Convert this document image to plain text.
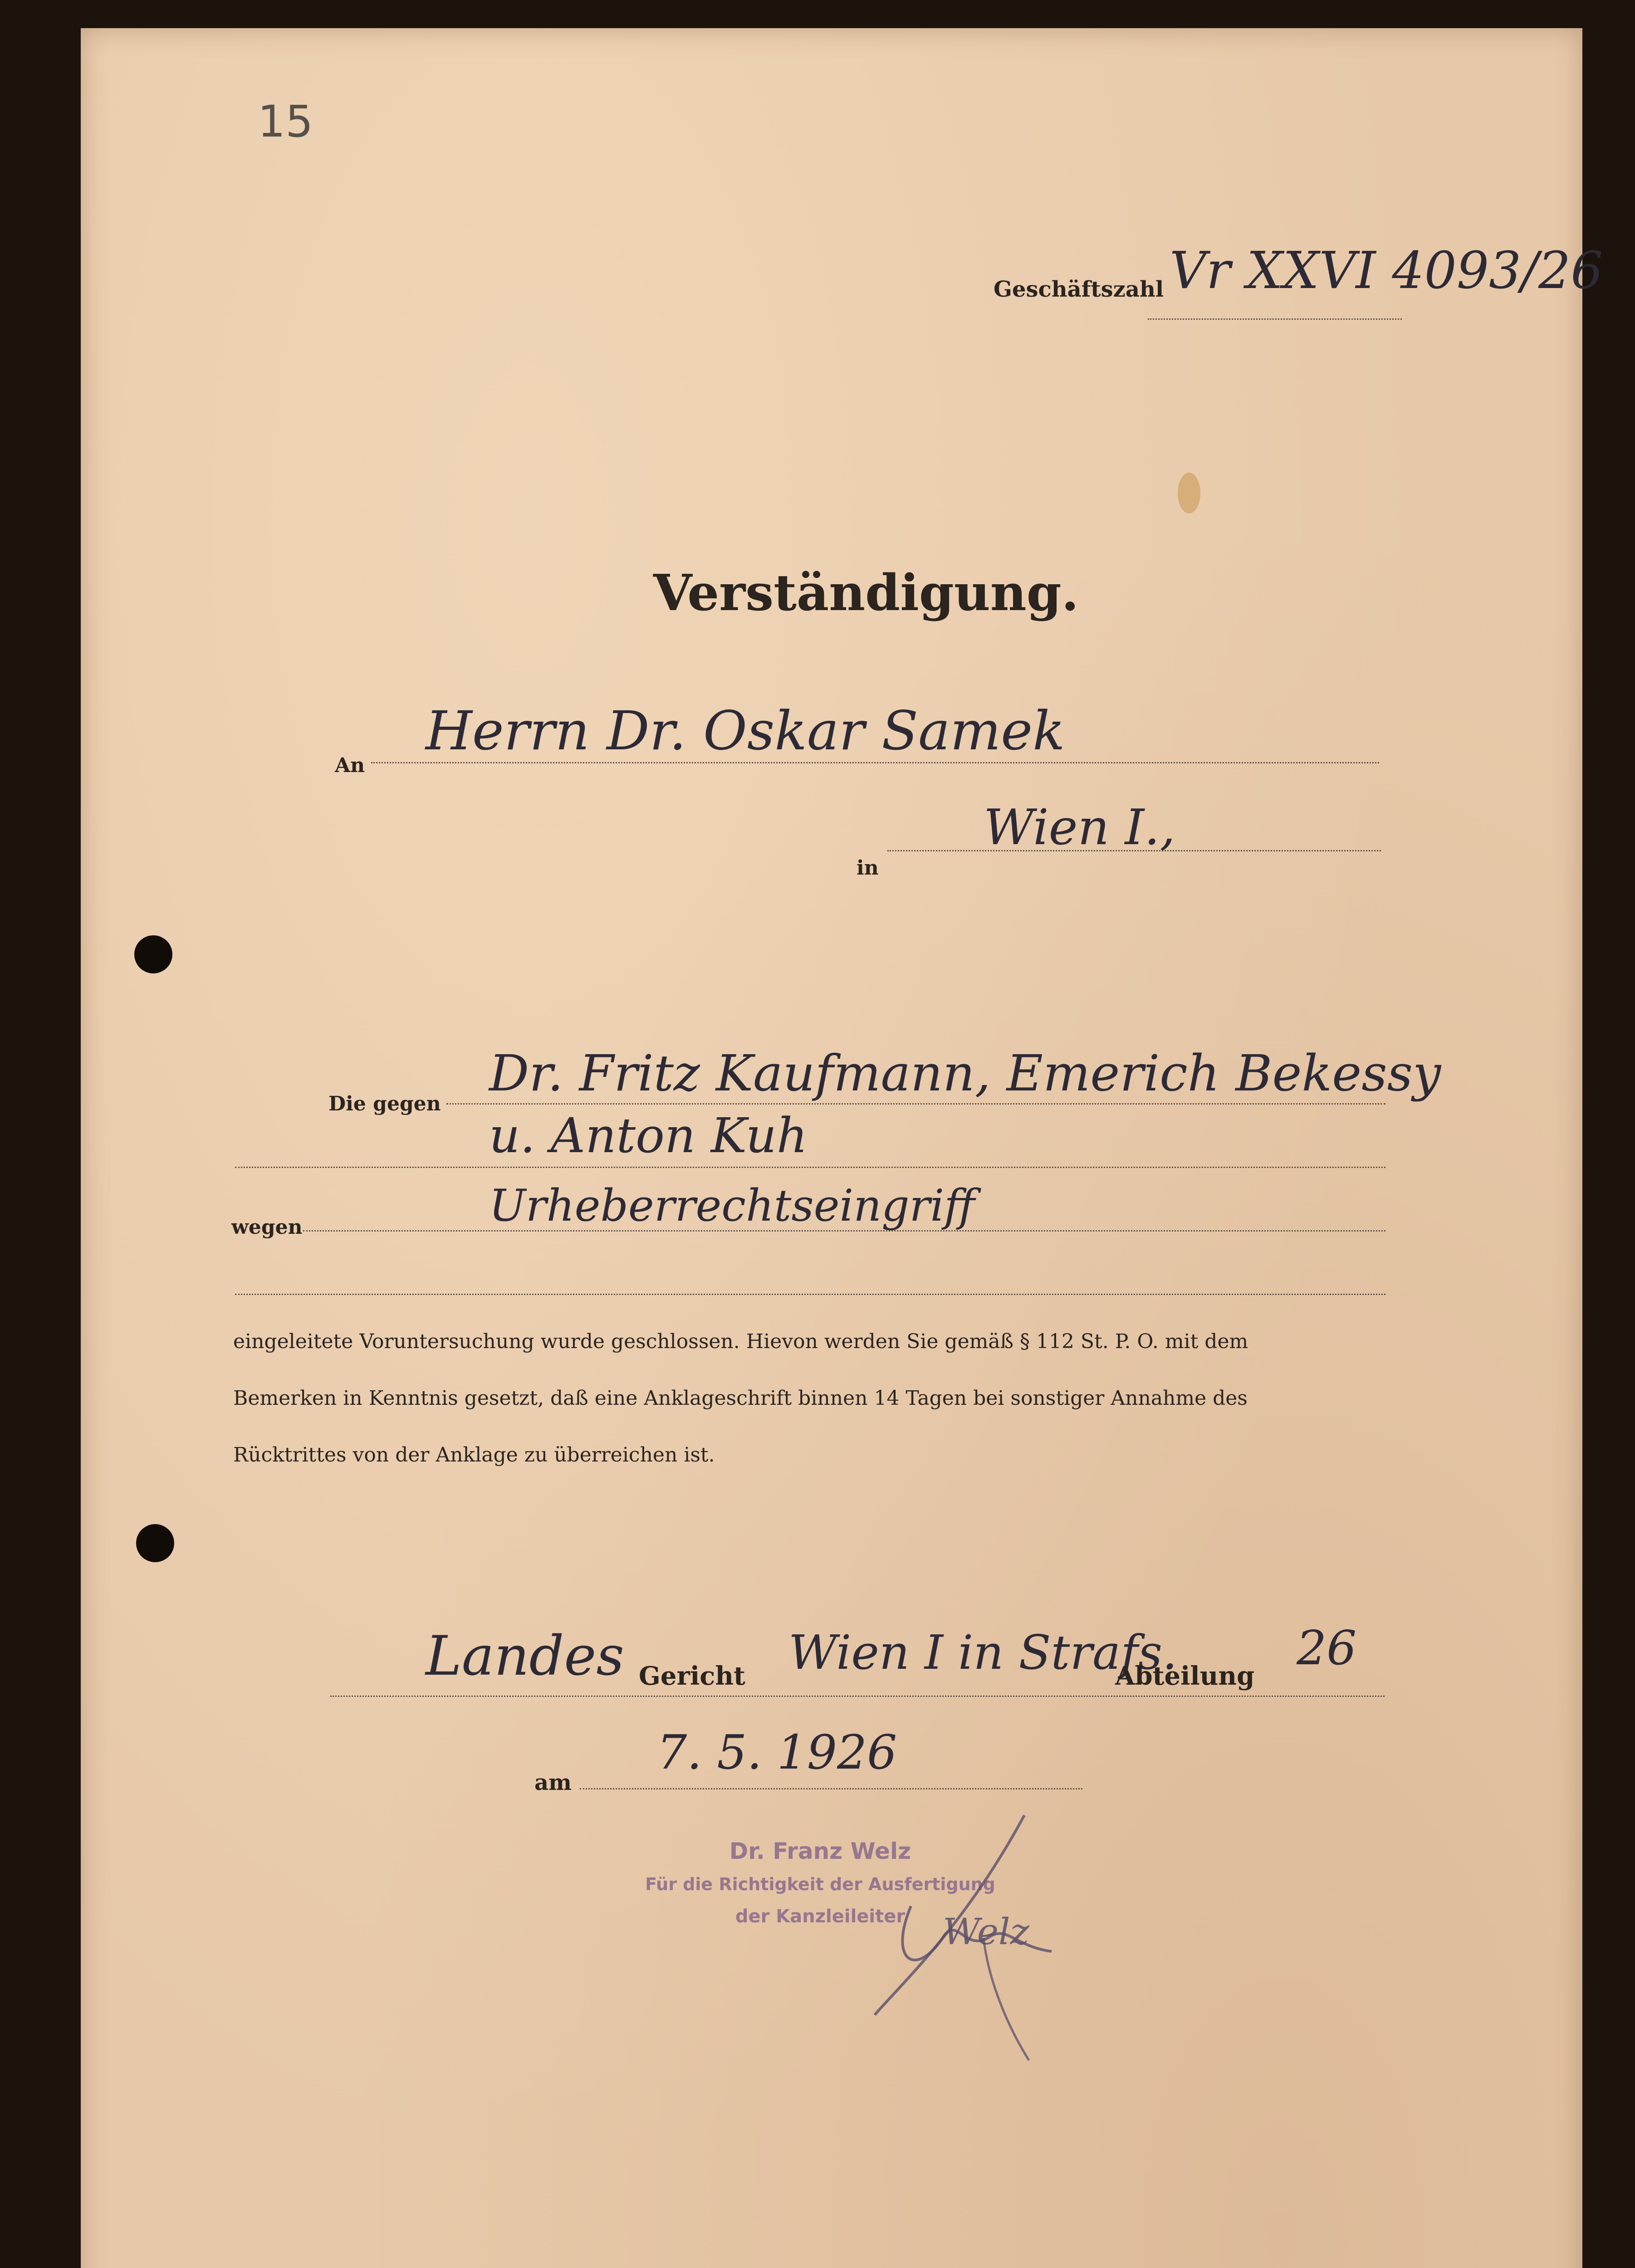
15
Geschäftszahl Vr XXVI 4093/26
Verständigung.
An
Herrn Dr. Oskar Samek
in
Wien I.,
Die gegen
Dr. Fritz Kaufmann, Emerich Bekessy
u. Anton Kuh
wegen	Urheberrechtseingriff
eingeleitete Voruntersuchung wurde geschlossen. Hievon werden Sie gemäß § 112 St. P. O. mit dem
Bemerken in Kenntnis gesetzt, daß eine Anklageschrift binnen 14 Tagen bei sonstiger Annahme des
Rücktrittes von der Anklage zu überreichen ist.
Landes Gericht Wien I in Strafs.
Abteilung
26
am
7. 5. 1926
Dr. Franz Welz
Für die Richtigkeit der Ausfertigung
der Kanzleileiter	Welz
